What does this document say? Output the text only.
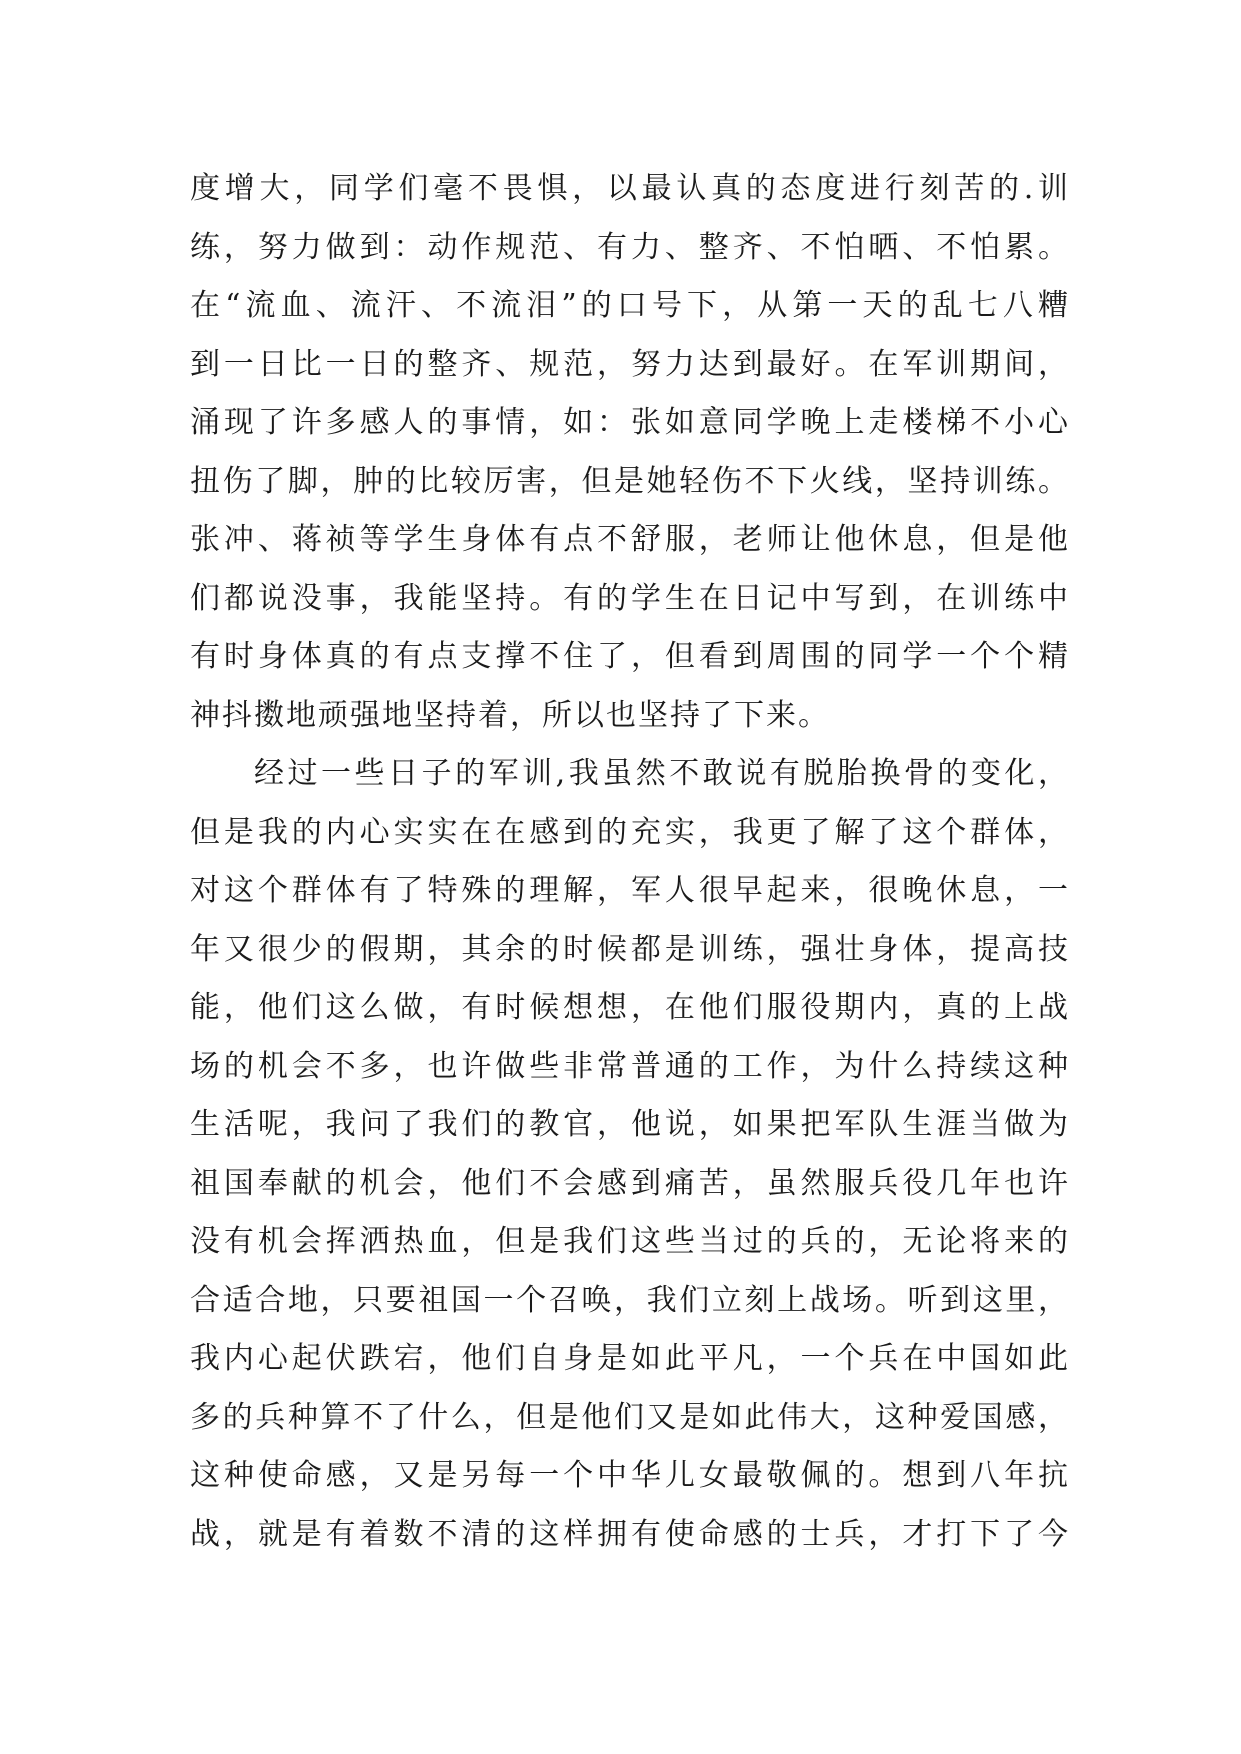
度增大，同学们毫不畏惧，以最认真的态度进行刻苦的.训
练，努力做到：动作规范、有力、整齐、不怕晒、不怕累。
在“流血、流汗、不流泪”的口号下，从第一天的乱七八糟
到一日比一日的整齐、规范，努力达到最好。在军训期间，
涌现了许多感人的事情，如：张如意同学晚上走楼梯不小心
扭伤了脚，肿的比较厉害，但是她轻伤不下火线，坚持训练。
张冲、蒋祯等学生身体有点不舒服，老师让他休息，但是他
们都说没事，我能坚持。有的学生在日记中写到，在训练中
有时身体真的有点支撑不住了，但看到周围的同学一个个精
神抖擞地顽强地坚持着，所以也坚持了下来。
经过一些日子的军训,我虽然不敢说有脱胎换骨的变化，
但是我的内心实实在在感到的充实，我更了解了这个群体，
对这个群体有了特殊的理解，军人很早起来，很晚休息，一
年又很少的假期，其余的时候都是训练，强壮身体，提高技
能，他们这么做，有时候想想，在他们服役期内，真的上战
场的机会不多，也许做些非常普通的工作，为什么持续这种
生活呢，我问了我们的教官，他说，如果把军队生涯当做为
祖国奉献的机会，他们不会感到痛苦，虽然服兵役几年也许
没有机会挥洒热血，但是我们这些当过的兵的，无论将来的
合适合地，只要祖国一个召唤，我们立刻上战场。听到这里，
我内心起伏跌宕，他们自身是如此平凡，一个兵在中国如此
多的兵种算不了什么，但是他们又是如此伟大，这种爱国感，
这种使命感，又是另每一个中华儿女最敬佩的。想到八年抗
战，就是有着数不清的这样拥有使命感的士兵，才打下了今
